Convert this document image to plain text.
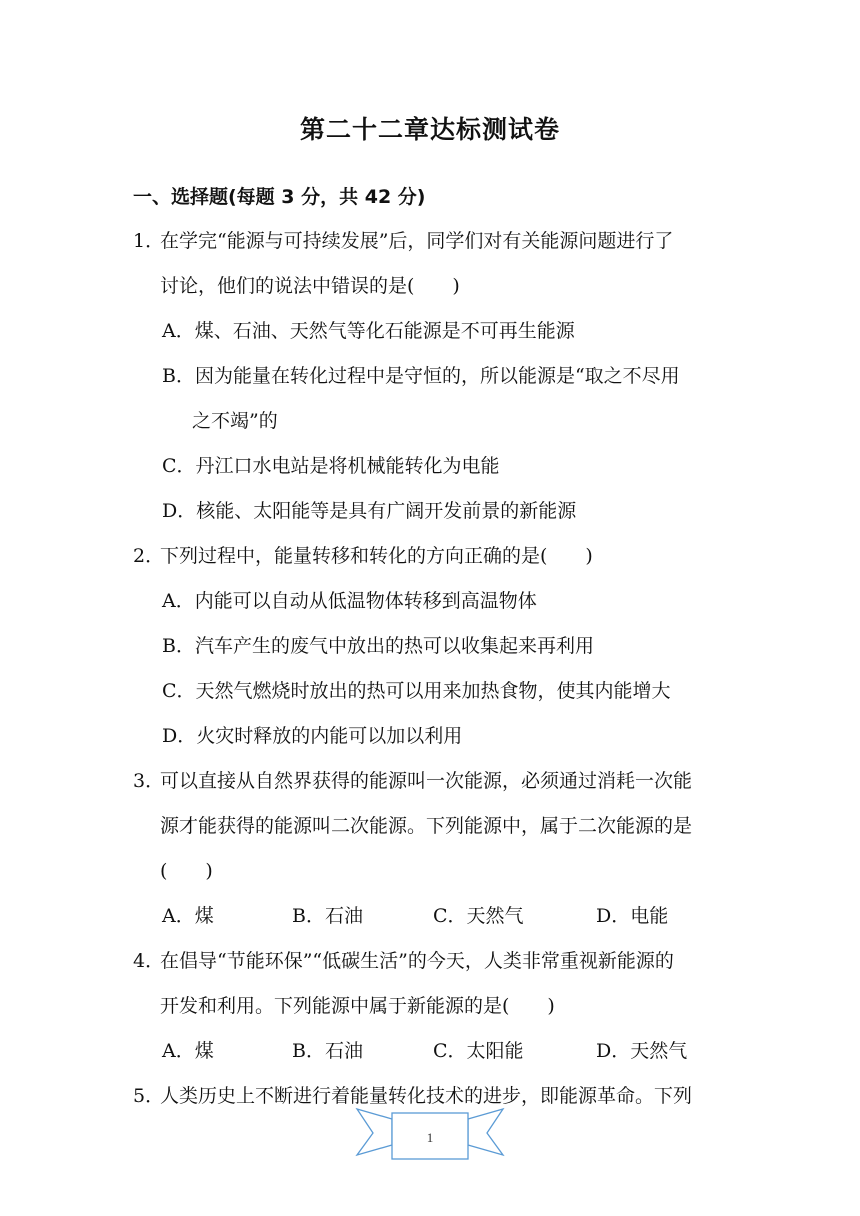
第二十二章达标测试卷
一、选择题(每题 3 分，共 42 分)
1．
在学完“能源与可持续发展”后，同学们对有关能源问题进行了
讨论，他们的说法中错误的是(　　)
A．煤、石油、天然气等化石能源是不可再生能源
B．因为能量在转化过程中是守恒的，所以能源是“取之不尽用
之不竭”的
C．丹江口水电站是将机械能转化为电能
D．核能、太阳能等是具有广阔开发前景的新能源
2．
下列过程中，能量转移和转化的方向正确的是(　　)
A．内能可以自动从低温物体转移到高温物体
B．汽车产生的废气中放出的热可以收集起来再利用
C．天然气燃烧时放出的热可以用来加热食物，使其内能增大
D．火灾时释放的内能可以加以利用
3．
可以直接从自然界获得的能源叫一次能源，必须通过消耗一次能
源才能获得的能源叫二次能源。下列能源中，属于二次能源的是
(　　)
A．煤	B．石油	C．天然气	D．电能
4．
在倡导“节能环保”“低碳生活”的今天，人类非常重视新能源的
开发和利用。下列能源中属于新能源的是(　　)
A．煤	B．石油	C．太阳能	D．天然气
5．
人类历史上不断进行着能量转化技术的进步，即能源革命。下列
1
